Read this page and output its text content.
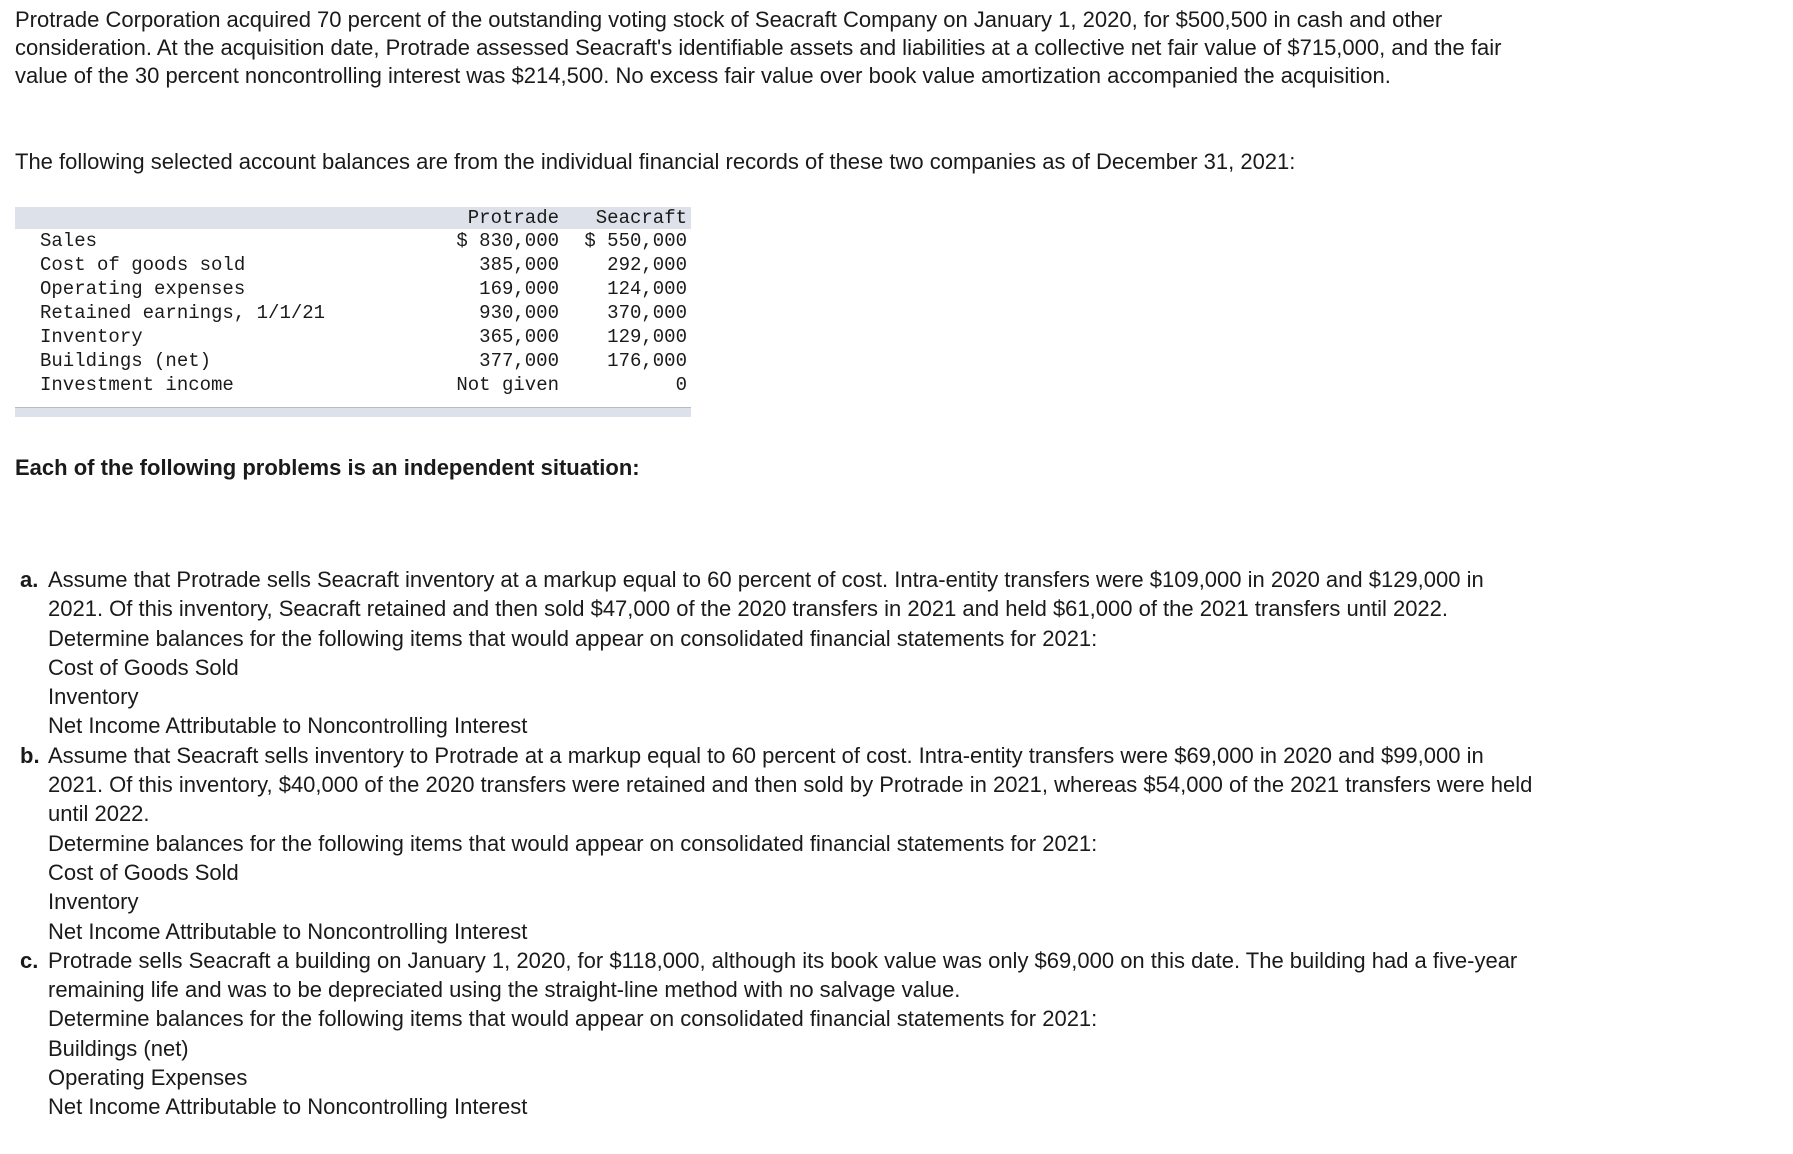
Protrade Corporation acquired 70 percent of the outstanding voting stock of Seacraft Company on January 1, 2020, for $500,500 in cash and other consideration. At the acquisition date, Protrade assessed Seacraft's identifiable assets and liabilities at a collective net fair value of $715,000, and the fair value of the 30 percent noncontrolling interest was $214,500. No excess fair value over book value amortization accompanied the acquisition.

The following selected account balances are from the individual financial records of these two companies as of December 31, 2021:

	Protrade	Seacraft
Sales	$ 830,000	$ 550,000
Cost of goods sold	385,000	292,000
Operating expenses	169,000	124,000
Retained earnings, 1/1/21	930,000	370,000
Inventory	365,000	129,000
Buildings (net)	377,000	176,000
Investment income	Not given	0

Each of the following problems is an independent situation:

a. Assume that Protrade sells Seacraft inventory at a markup equal to 60 percent of cost. Intra-entity transfers were $109,000 in 2020 and $129,000 in 2021. Of this inventory, Seacraft retained and then sold $47,000 of the 2020 transfers in 2021 and held $61,000 of the 2021 transfers until 2022.

Determine balances for the following items that would appear on consolidated financial statements for 2021:

Cost of Goods Sold

Inventory

Net Income Attributable to Noncontrolling Interest

b. Assume that Seacraft sells inventory to Protrade at a markup equal to 60 percent of cost. Intra-entity transfers were $69,000 in 2020 and $99,000 in 2021. Of this inventory, $40,000 of the 2020 transfers were retained and then sold by Protrade in 2021, whereas $54,000 of the 2021 transfers were held until 2022.

Determine balances for the following items that would appear on consolidated financial statements for 2021:

Cost of Goods Sold

Inventory

Net Income Attributable to Noncontrolling Interest

c. Protrade sells Seacraft a building on January 1, 2020, for $118,000, although its book value was only $69,000 on this date. The building had a five-year remaining life and was to be depreciated using the straight-line method with no salvage value.

Determine balances for the following items that would appear on consolidated financial statements for 2021:

Buildings (net)

Operating Expenses

Net Income Attributable to Noncontrolling Interest
